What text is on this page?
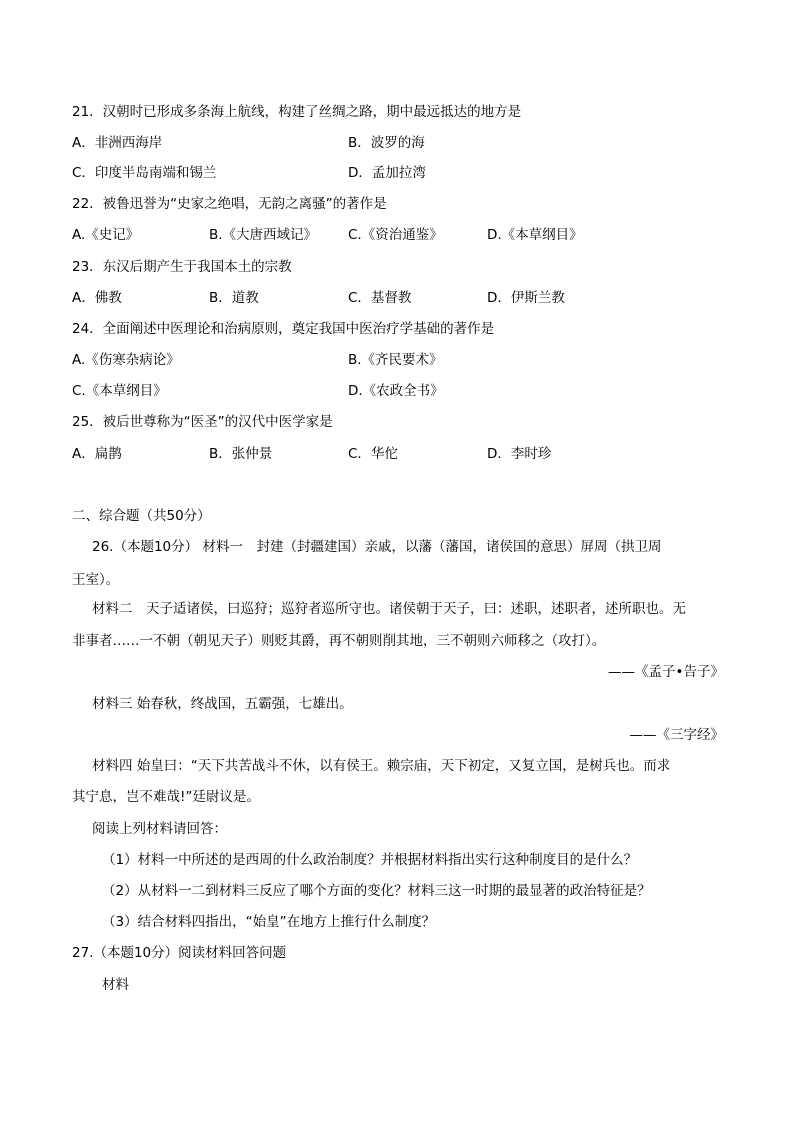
21．汉朝时已形成多条海上航线，构建了丝绸之路，期中最远抵达的地方是
A．非洲西海岸	B．波罗的海
C．印度半岛南端和锡兰	D．孟加拉湾
22．被鲁迅誉为“史家之绝唱，无韵之离骚”的著作是
A.《史记》	B.《大唐西域记》 C.《资治通鉴》	D.《本草纲目》
23．东汉后期产生于我国本土的宗教
A．佛教	B．道教	C．基督教	D．伊斯兰教
24．全面阐述中医理论和治病原则，奠定我国中医治疗学基础的著作是
A.《伤寒杂病论》	B.《齐民要术》
C.《本草纲目》	D.《农政全书》
25．被后世尊称为“医圣”的汉代中医学家是
A．扁鹊	B．张仲景	C．华佗	D．李时珍
二、综合题（共50分）
26.（本题10分） 材料一　封建（封疆建国）亲戚，以藩（藩国，诸侯国的意思）屏周（拱卫周
王室）。
材料二　天子适诸侯，曰巡狩；巡狩者巡所守也。诸侯朝于天子，曰：述职，述职者，述所职也。无
非事者……一不朝（朝见天子）则贬其爵，再不朝则削其地，三不朝则六师移之（攻打）。
——《孟子•告子》
材料三 始春秋，终战国，五霸强，七雄出。
——《三字经》
材料四 始皇曰：“天下共苦战斗不休，以有侯王。赖宗庙，天下初定，又复立国，是树兵也。而求
其宁息，岂不难哉!”廷尉议是。
阅读上列材料请回答：
（1）材料一中所述的是西周的什么政治制度？并根据材料指出实行这种制度目的是什么？
（2）从材料一二到材料三反应了哪个方面的变化？材料三这一时期的最显著的政治特征是？
（3）结合材料四指出，“始皇”在地方上推行什么制度？
27.（本题10分）阅读材料回答问题
材料
